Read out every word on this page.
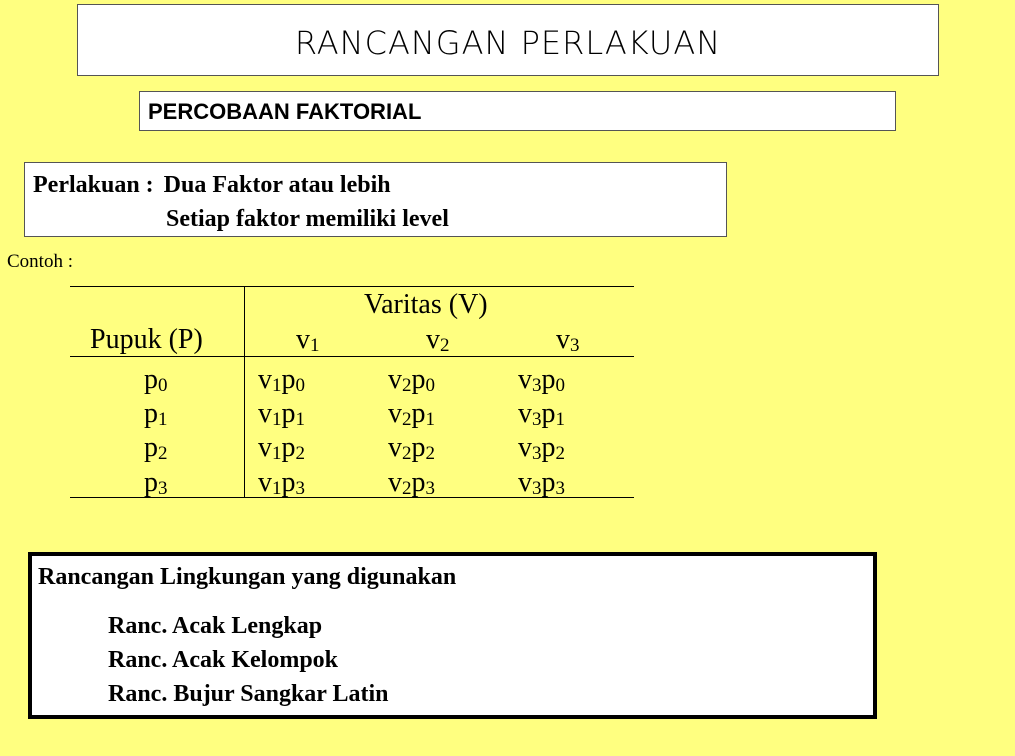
RANCANGAN PERLAKUAN
PERCOBAAN FAKTORIAL
Perlakuan : Dua Faktor atau lebih
Setiap faktor memiliki level
Contoh :
Varitas (V)
Pupuk (P)	$v_1$	$v_2$	$v_3$
$p_0$	$v_1p_0$	$v_2p_0$	$v_3p_0$
$p_1$	$v_1p_1$	$v_2p_1$	$v_3p_1$
$p_2$	$v_1p_2$	$v_2p_2$	$v_3p_2$
$p_3$	$v_1p_3$	$v_2p_3$	$v_3p_3$
Rancangan Lingkungan yang digunakan
Ranc. Acak Lengkap
Ranc. Acak Kelompok
Ranc. Bujur Sangkar Latin
